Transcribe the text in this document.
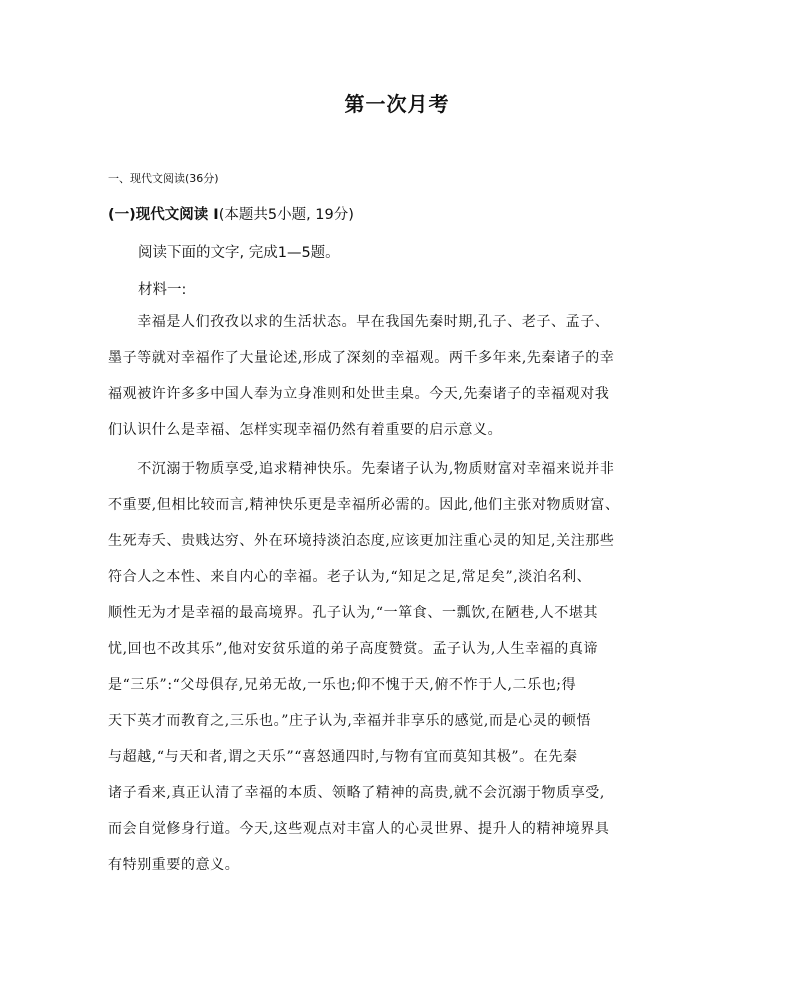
第一次月考
一、现代文阅读(36分)
(一)现代文阅读 I(本题共5小题, 19分)
阅读下面的文字, 完成1—5题。
材料一:
　　幸福是人们孜孜以求的生活状态。早在我国先秦时期,孔子、老子、孟子、
墨子等就对幸福作了大量论述,形成了深刻的幸福观。两千多年来,先秦诸子的幸
福观被许许多多中国人奉为立身准则和处世圭臬。今天,先秦诸子的幸福观对我
们认识什么是幸福、怎样实现幸福仍然有着重要的启示意义。
　　不沉溺于物质享受,追求精神快乐。先秦诸子认为,物质财富对幸福来说并非
不重要,但相比较而言,精神快乐更是幸福所必需的。因此,他们主张对物质财富、
生死寿夭、贵贱达穷、外在环境持淡泊态度,应该更加注重心灵的知足,关注那些
符合人之本性、来自内心的幸福。老子认为,“知足之足,常足矣”,淡泊名利、
顺性无为才是幸福的最高境界。孔子认为,“一箪食、一瓢饮,在陋巷,人不堪其
忧,回也不改其乐”,他对安贫乐道的弟子高度赞赏。孟子认为,人生幸福的真谛
是“三乐”:“父母俱存,兄弟无故,一乐也;仰不愧于天,俯不怍于人,二乐也;得
天下英才而教育之,三乐也。”庄子认为,幸福并非享乐的感觉,而是心灵的顿悟
与超越,“与天和者,谓之天乐”“喜怒通四时,与物有宜而莫知其极”。在先秦
诸子看来,真正认清了幸福的本质、领略了精神的高贵,就不会沉溺于物质享受,
而会自觉修身行道。今天,这些观点对丰富人的心灵世界、提升人的精神境界具
有特别重要的意义。
